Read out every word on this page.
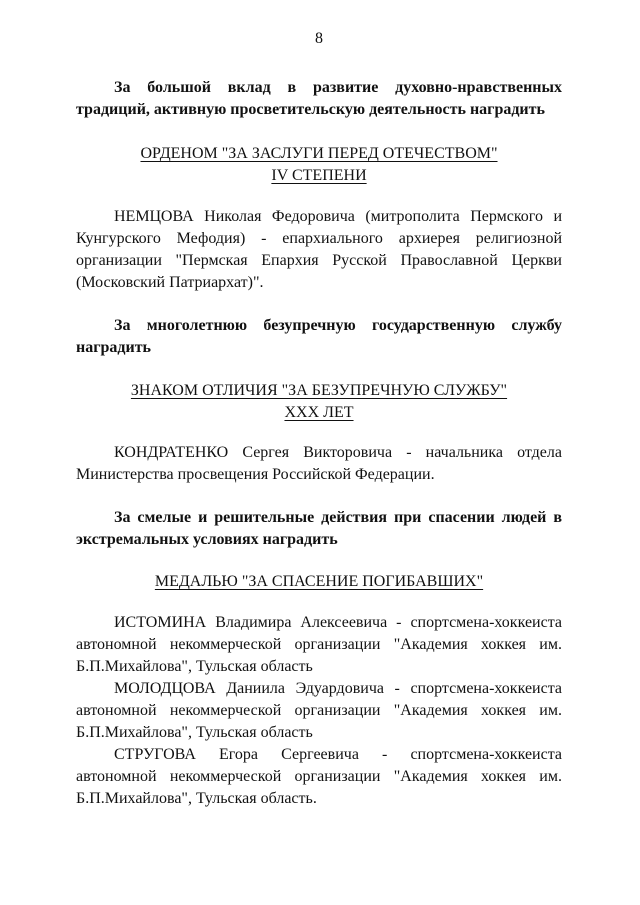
8

За большой вклад в развитие духовно-нравственных традиций, активную просветительскую деятельность наградить

ОРДЕНОМ "ЗА ЗАСЛУГИ ПЕРЕД ОТЕЧЕСТВОМ"

IV СТЕПЕНИ

НЕМЦОВА Николая Федоровича (митрополита Пермского и Кунгурского Мефодия) - епархиального архиерея религиозной организации "Пермская Епархия Русской Православной Церкви (Московский Патриархат)".

За многолетнюю безупречную государственную службу наградить

ЗНАКОМ ОТЛИЧИЯ "ЗА БЕЗУПРЕЧНУЮ СЛУЖБУ"

XXX ЛЕТ

КОНДРАТЕНКО Сергея Викторовича - начальника отдела Министерства просвещения Российской Федерации.

За смелые и решительные действия при спасении людей в экстремальных условиях наградить

МЕДАЛЬЮ "ЗА СПАСЕНИЕ ПОГИБАВШИХ"

ИСТОМИНА Владимира Алексеевича - спортсмена-хоккеиста автономной некоммерческой организации "Академия хоккея им. Б.П.Михайлова", Тульская область

МОЛОДЦОВА Даниила Эдуардовича - спортсмена-хоккеиста автономной некоммерческой организации "Академия хоккея им. Б.П.Михайлова", Тульская область

СТРУГОВА Егора Сергеевича - спортсмена-хоккеиста автономной некоммерческой организации "Академия хоккея им. Б.П.Михайлова", Тульская область.
